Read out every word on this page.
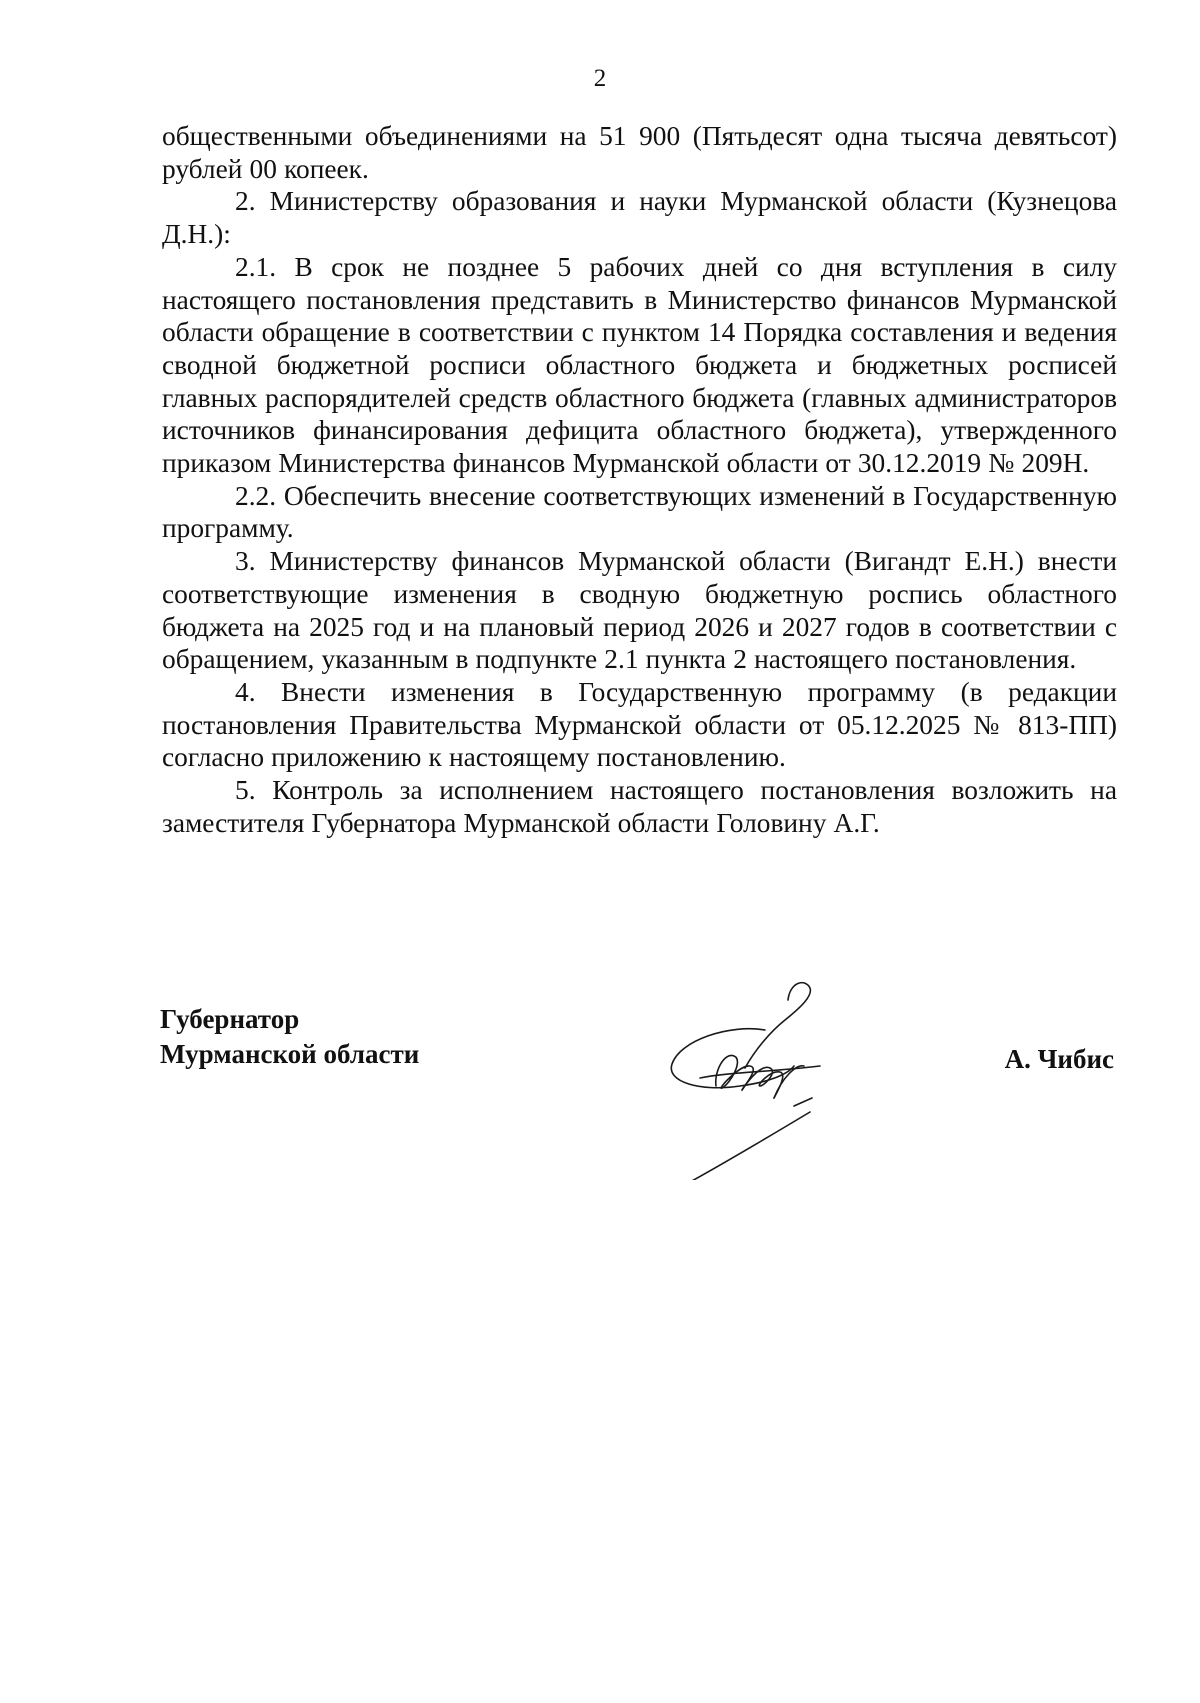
2

общественными объединениями на 51 900 (Пятьдесят одна тысяча девятьсот) рублей 00 копеек.

2. Министерству образования и науки Мурманской области (Кузнецова Д.Н.):

2.1. В срок не позднее 5 рабочих дней со дня вступления в силу настоящего постановления представить в Министерство финансов Мурманской области обращение в соответствии с пунктом 14 Порядка составления и ведения сводной бюджетной росписи областного бюджета и бюджетных росписей главных распорядителей средств областного бюджета (главных администраторов источников финансирования дефицита областного бюджета), утвержденного приказом Министерства финансов Мурманской области от 30.12.2019 № 209Н.

2.2. Обеспечить внесение соответствующих изменений в Государственную программу.

3. Министерству финансов Мурманской области (Вигандт Е.Н.) внести соответствующие изменения в сводную бюджетную роспись областного бюджета на 2025 год и на плановый период 2026 и 2027 годов в соответствии с обращением, указанным в подпункте 2.1 пункта 2 настоящего постановления.

4. Внести изменения в Государственную программу (в редакции постановления Правительства Мурманской области от 05.12.2025 № 813-ПП) согласно приложению к настоящему постановлению.

5. Контроль за исполнением настоящего постановления возложить на заместителя Губернатора Мурманской области Головину А.Г.

Губернатор
Мурманской области	А. Чибис
